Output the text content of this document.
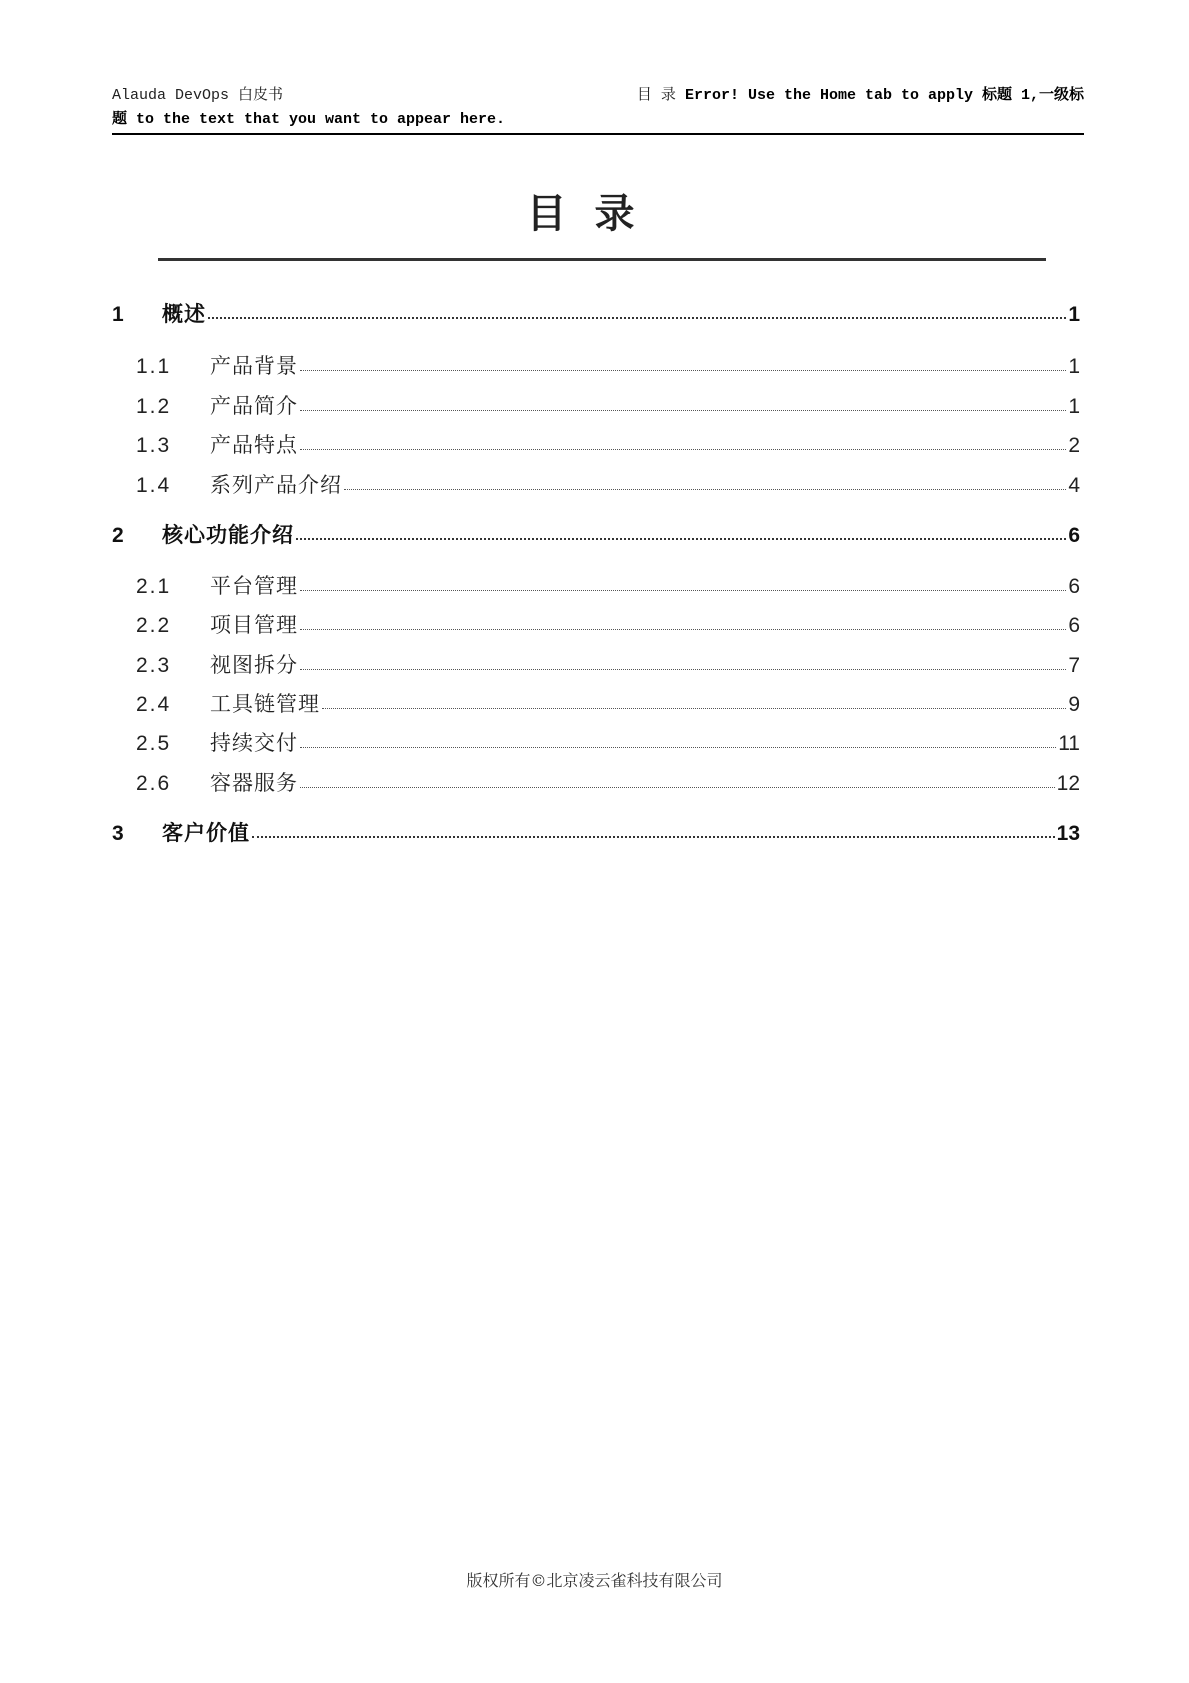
Alauda DevOps 白皮书	目 录 Error! Use the Home tab to apply 标题 1,一级标
题 to the text that you want to appear here.
目录
1	概述	1
1.1	产品背景	1
1.2	产品简介	1
1.3	产品特点	2
1.4	系列产品介绍	4
2	核心功能介绍	6
2.1	平台管理	6
2.2	项目管理	6
2.3	视图拆分	7
2.4	工具链管理	9
2.5	持续交付	11
2.6	容器服务	12
3	客户价值	13
版权所有©北京凌云雀科技有限公司
